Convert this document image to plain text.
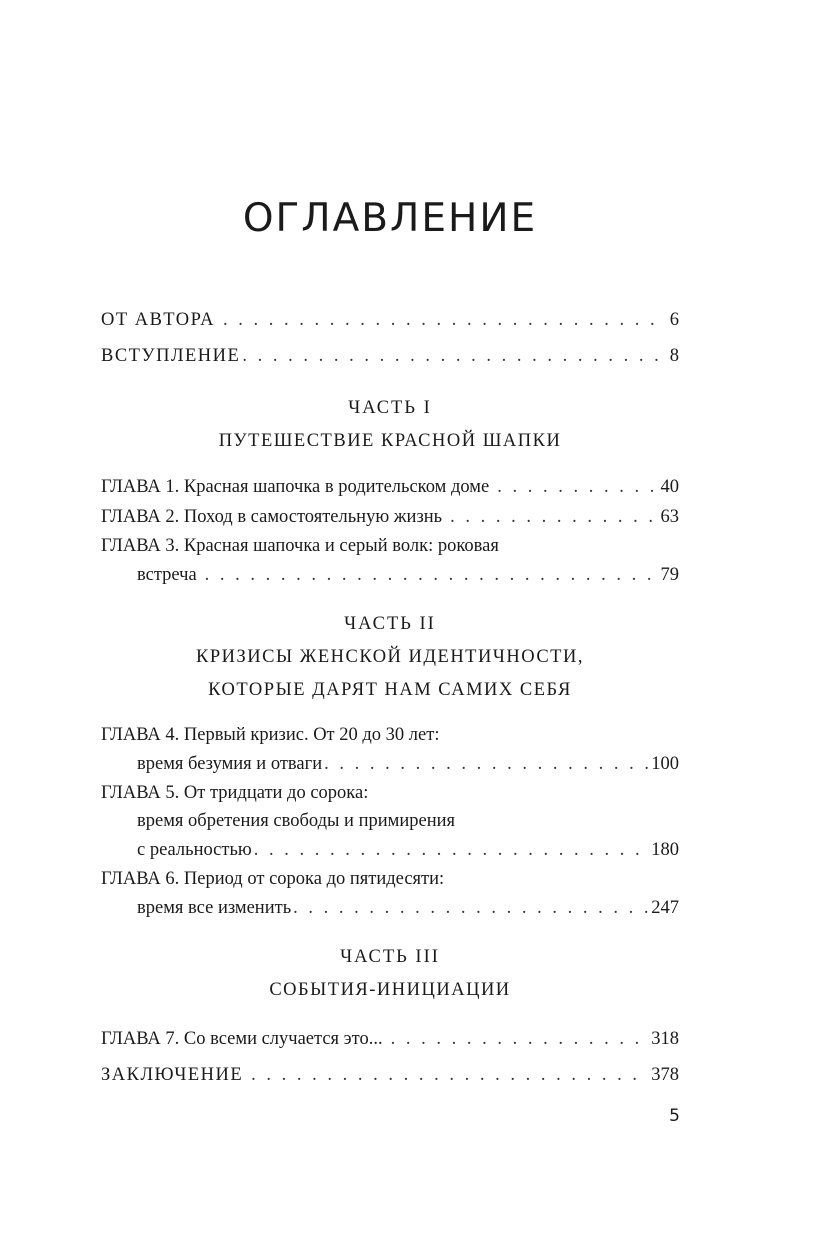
ОГЛАВЛЕНИЕ
ОТ АВТОРА . . .	6
ВСТУПЛЕНИЕ . . .	8
ЧАСТЬ I
ПУТЕШЕСТВИЕ КРАСНОЙ ШАПКИ
ГЛАВА 1. Красная шапочка в родительском доме . . .	40
ГЛАВА 2. Поход в самостоятельную жизнь . . .	63
ГЛАВА 3. Красная шапочка и серый волк: роковая
встреча . . .	79
ЧАСТЬ II
КРИЗИСЫ ЖЕНСКОЙ ИДЕНТИЧНОСТИ,
КОТОРЫЕ ДАРЯТ НАМ САМИХ СЕБЯ
ГЛАВА 4. Первый кризис. От 20 до 30 лет:
время безумия и отваги . . .	100
ГЛАВА 5. От тридцати до сорока:
время обретения свободы и примирения
с реальностью . . .	180
ГЛАВА 6. Период от сорока до пятидесяти:
время все изменить . . .	247
ЧАСТЬ III
СОБЫТИЯ-ИНИЦИАЦИИ
ГЛАВА 7. Со всеми случается это... . . .	318
ЗАКЛЮЧЕНИЕ . . .	378
5
